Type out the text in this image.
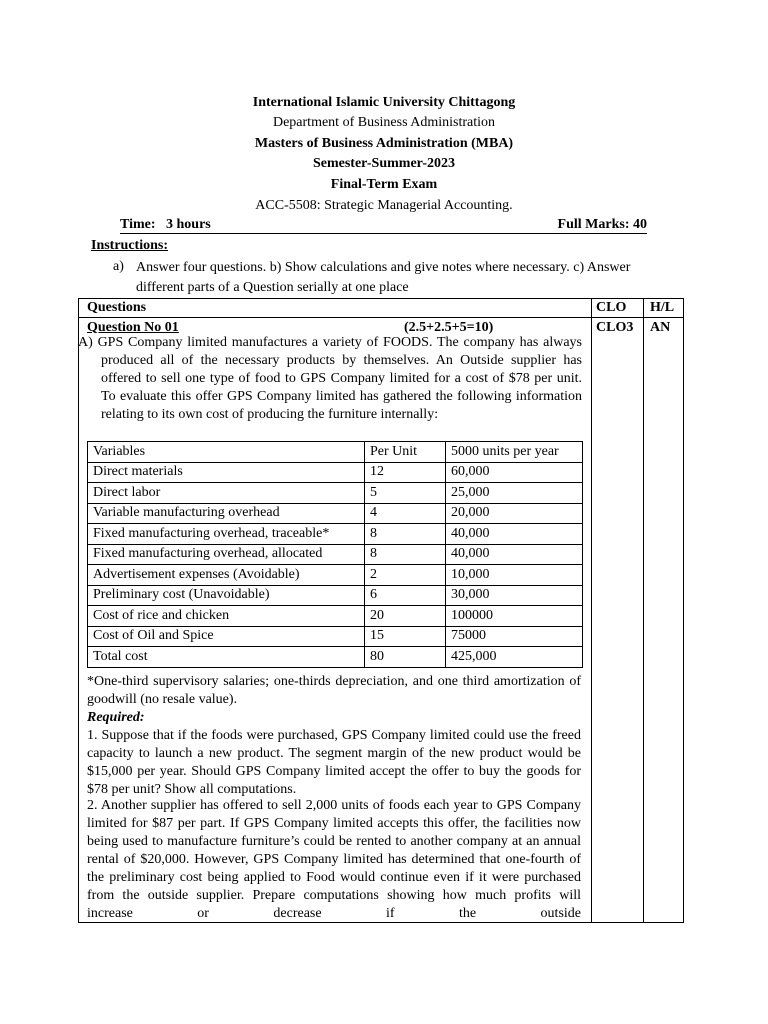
International Islamic University Chittagong
Department of Business Administration
Masters of Business Administration (MBA)
Semester-Summer-2023
Final-Term Exam
ACC-5508: Strategic Managerial Accounting.
Time:   3 hours	Full Marks: 40
Instructions:
a) Answer four questions. b) Show calculations and give notes where necessary. c) Answer different parts of a Question serially at one place
Questions	CLO H/L
Question No 01	(2.5+2.5+5=10)	CLO3 AN
A) GPS Company limited manufactures a variety of FOODS. The company has always produced all of the necessary products by themselves. An Outside supplier has offered to sell one type of food to GPS Company limited for a cost of $78 per unit. To evaluate this offer GPS Company limited has gathered the following information relating to its own cost of producing the furniture internally:
Variables	Per Unit	5000 units per year
Direct materials	12	60,000
Direct labor	5	25,000
Variable manufacturing overhead	4	20,000
Fixed manufacturing overhead, traceable*	8	40,000
Fixed manufacturing overhead, allocated	8	40,000
Advertisement expenses (Avoidable)	2	10,000
Preliminary cost (Unavoidable)	6	30,000
Cost of rice and chicken	20	100000
Cost of Oil and Spice	15	75000
Total cost	80	425,000
*One-third supervisory salaries; one-thirds depreciation, and one third amortization of goodwill (no resale value).
Required:
1. Suppose that if the foods were purchased, GPS Company limited could use the freed capacity to launch a new product. The segment margin of the new product would be $15,000 per year. Should GPS Company limited accept the offer to buy the goods for $78 per unit? Show all computations.
2. Another supplier has offered to sell 2,000 units of foods each year to GPS Company limited for $87 per part. If GPS Company limited accepts this offer, the facilities now being used to manufacture furniture’s could be rented to another company at an annual rental of $20,000. However, GPS Company limited has determined that one-fourth of the preliminary cost being applied to Food would continue even if it were purchased from the outside supplier. Prepare computations showing how much profits will increase or decrease if the outside
